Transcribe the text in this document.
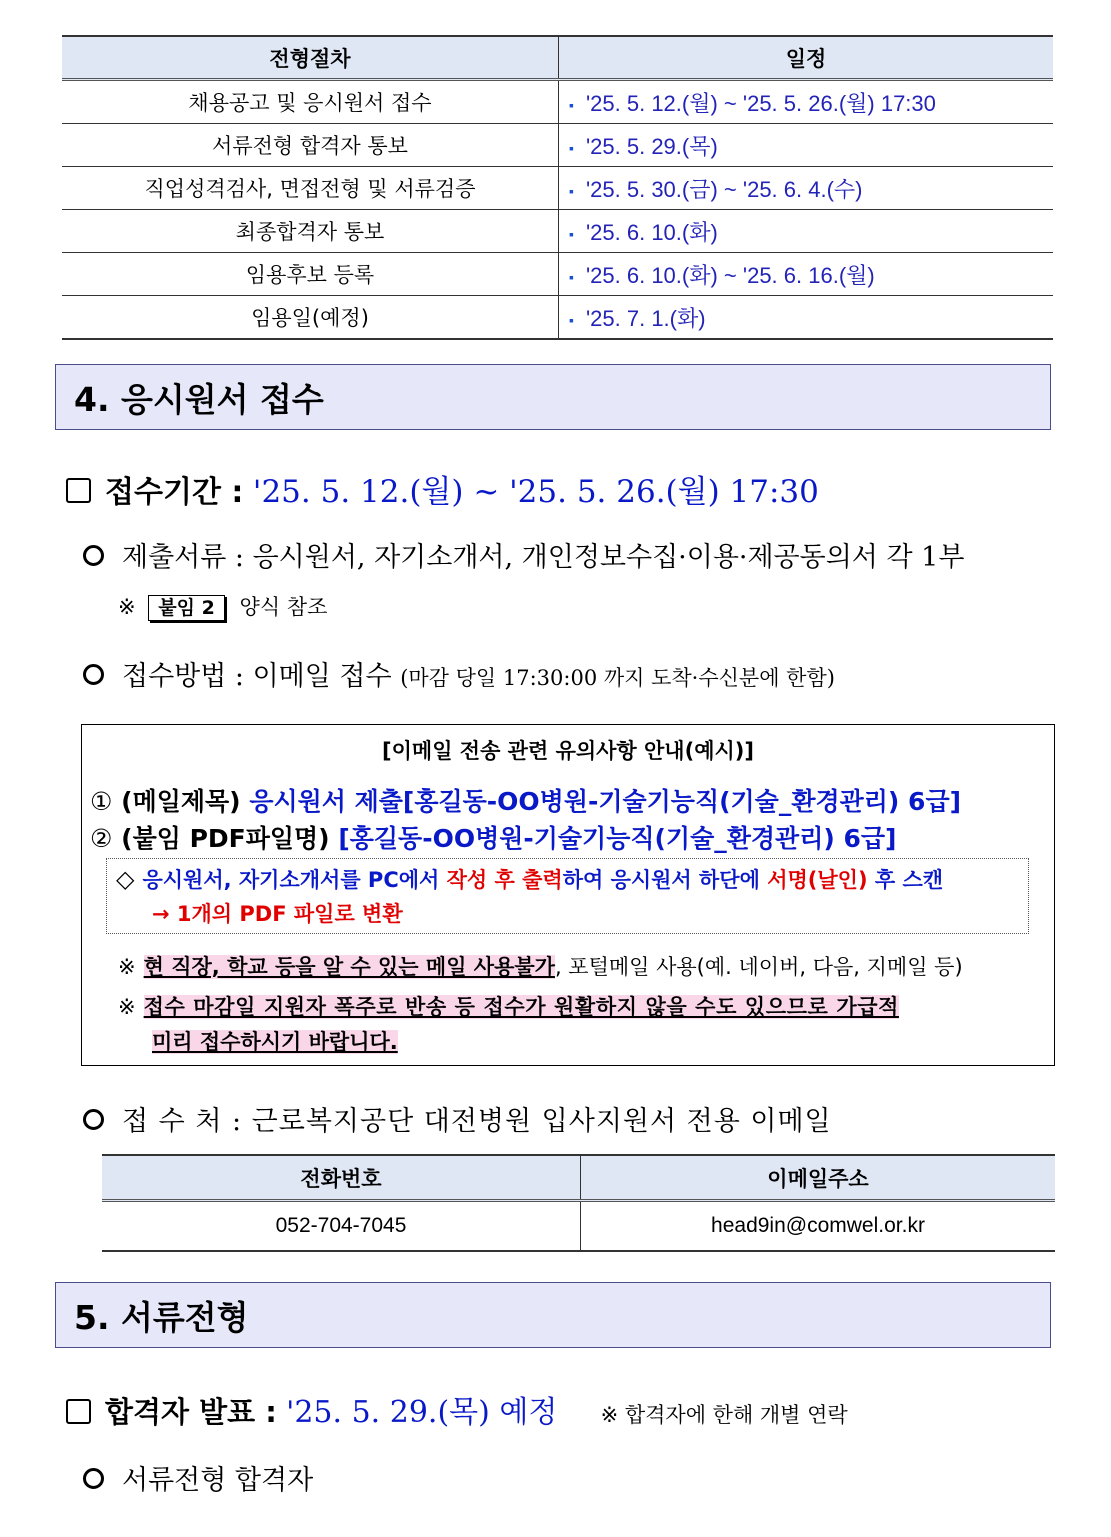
전형절차	일정
채용공고 및 응시원서 접수	▪ '25. 5. 12.(월) ~ '25. 5. 26.(월) 17:30
서류전형 합격자 통보	▪ '25. 5. 29.(목)
직업성격검사, 면접전형 및 서류검증	▪ '25. 5. 30.(금) ~ '25. 6. 4.(수)
최종합격자 통보	▪ '25. 6. 10.(화)
임용후보 등록	▪ '25. 6. 10.(화) ~ '25. 6. 16.(월)
임용일(예정)	▪ '25. 7. 1.(화)
4. 응시원서 접수
접수기간 : '25. 5. 12.(월) ~ '25. 5. 26.(월) 17:30
제출서류 : 응시원서, 자기소개서, 개인정보수집·이용·제공동의서 각 1부
※ 붙임 2 양식 참조
접수방법 : 이메일 접수 (마감 당일 17:30:00 까지 도착·수신분에 한함)
[이메일 전송 관련 유의사항 안내(예시)]
① (메일제목) 응시원서 제출[홍길동-OO병원-기술기능직(기술_환경관리) 6급]
② (붙임 PDF파일명) [홍길동-OO병원-기술기능직(기술_환경관리) 6급]
◇ 응시원서, 자기소개서를 PC에서 작성 후 출력하여 응시원서 하단에 서명(날인) 후 스캔
→ 1개의 PDF 파일로 변환
※ 현 직장, 학교 등을 알 수 있는 메일 사용불가, 포털메일 사용(예. 네이버, 다음, 지메일 등)
※ 접수 마감일 지원자 폭주로 반송 등 접수가 원활하지 않을 수도 있으므로 가급적
미리 접수하시기 바랍니다.
접 수 처 : 근로복지공단 대전병원 입사지원서 전용 이메일
전화번호	이메일주소
052-704-7045	head9in@comwel.or.kr
5. 서류전형
합격자 발표 : '25. 5. 29.(목) 예정 ※ 합격자에 한해 개별 연락
서류전형 합격자
